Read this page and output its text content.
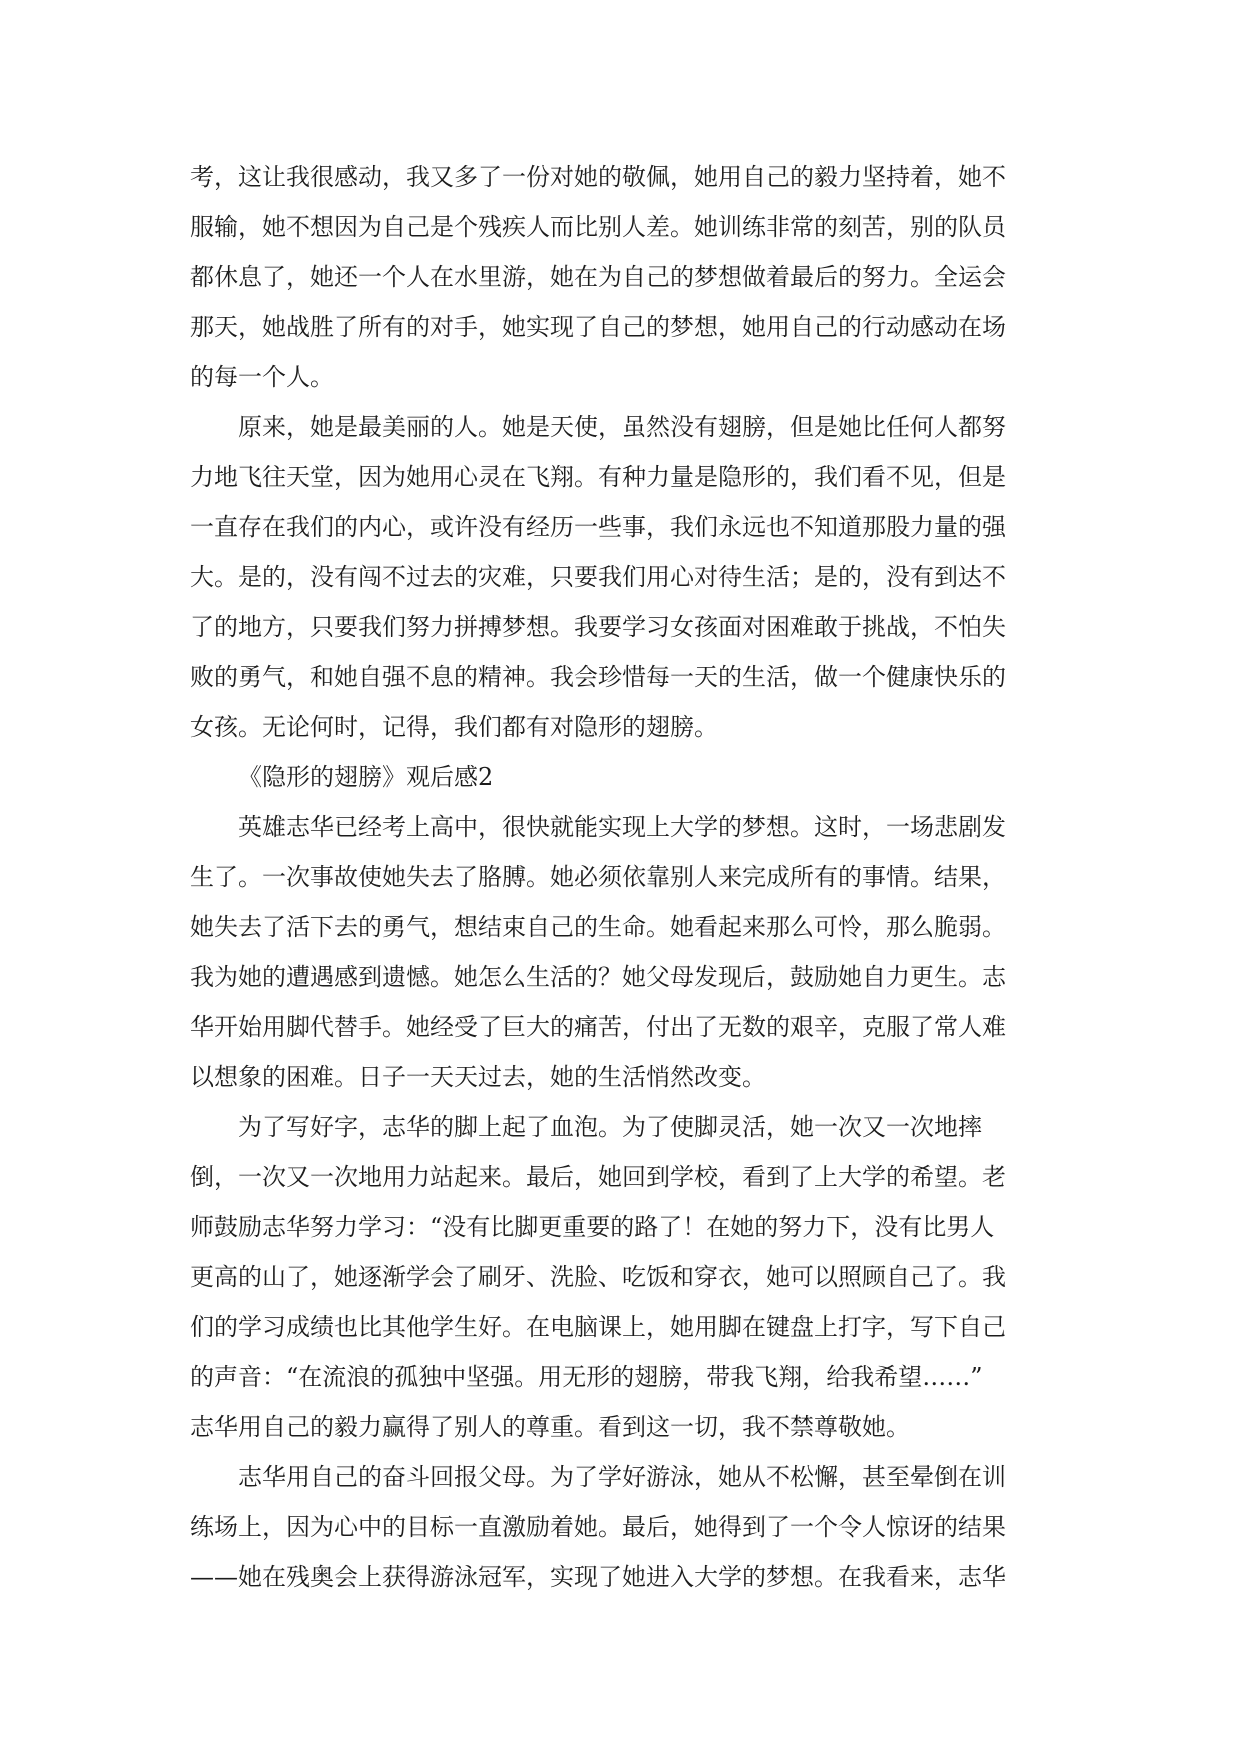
考，这让我很感动，我又多了一份对她的敬佩，她用自己的毅力坚持着，她不
服输，她不想因为自己是个残疾人而比别人差。她训练非常的刻苦，别的队员
都休息了，她还一个人在水里游，她在为自己的梦想做着最后的努力。全运会
那天，她战胜了所有的对手，她实现了自己的梦想，她用自己的行动感动在场
的每一个人。
原来，她是最美丽的人。她是天使，虽然没有翅膀，但是她比任何人都努
力地飞往天堂，因为她用心灵在飞翔。有种力量是隐形的，我们看不见，但是
一直存在我们的内心，或许没有经历一些事，我们永远也不知道那股力量的强
大。是的，没有闯不过去的灾难，只要我们用心对待生活；是的，没有到达不
了的地方，只要我们努力拼搏梦想。我要学习女孩面对困难敢于挑战，不怕失
败的勇气，和她自强不息的精神。我会珍惜每一天的生活，做一个健康快乐的
女孩。无论何时，记得，我们都有对隐形的翅膀。
《隐形的翅膀》观后感2
英雄志华已经考上高中，很快就能实现上大学的梦想。这时，一场悲剧发
生了。一次事故使她失去了胳膊。她必须依靠别人来完成所有的事情。结果，
她失去了活下去的勇气，想结束自己的生命。她看起来那么可怜，那么脆弱。
我为她的遭遇感到遗憾。她怎么生活的？她父母发现后，鼓励她自力更生。志
华开始用脚代替手。她经受了巨大的痛苦，付出了无数的艰辛，克服了常人难
以想象的困难。日子一天天过去，她的生活悄然改变。
为了写好字，志华的脚上起了血泡。为了使脚灵活，她一次又一次地摔
倒，一次又一次地用力站起来。最后，她回到学校，看到了上大学的希望。老
师鼓励志华努力学习：“没有比脚更重要的路了！在她的努力下，没有比男人
更高的山了，她逐渐学会了刷牙、洗脸、吃饭和穿衣，她可以照顾自己了。我
们的学习成绩也比其他学生好。在电脑课上，她用脚在键盘上打字，写下自己
的声音：“在流浪的孤独中坚强。用无形的翅膀，带我飞翔，给我希望……”
志华用自己的毅力赢得了别人的尊重。看到这一切，我不禁尊敬她。
志华用自己的奋斗回报父母。为了学好游泳，她从不松懈，甚至晕倒在训
练场上，因为心中的目标一直激励着她。最后，她得到了一个令人惊讶的结果
——她在残奥会上获得游泳冠军，实现了她进入大学的梦想。在我看来，志华
